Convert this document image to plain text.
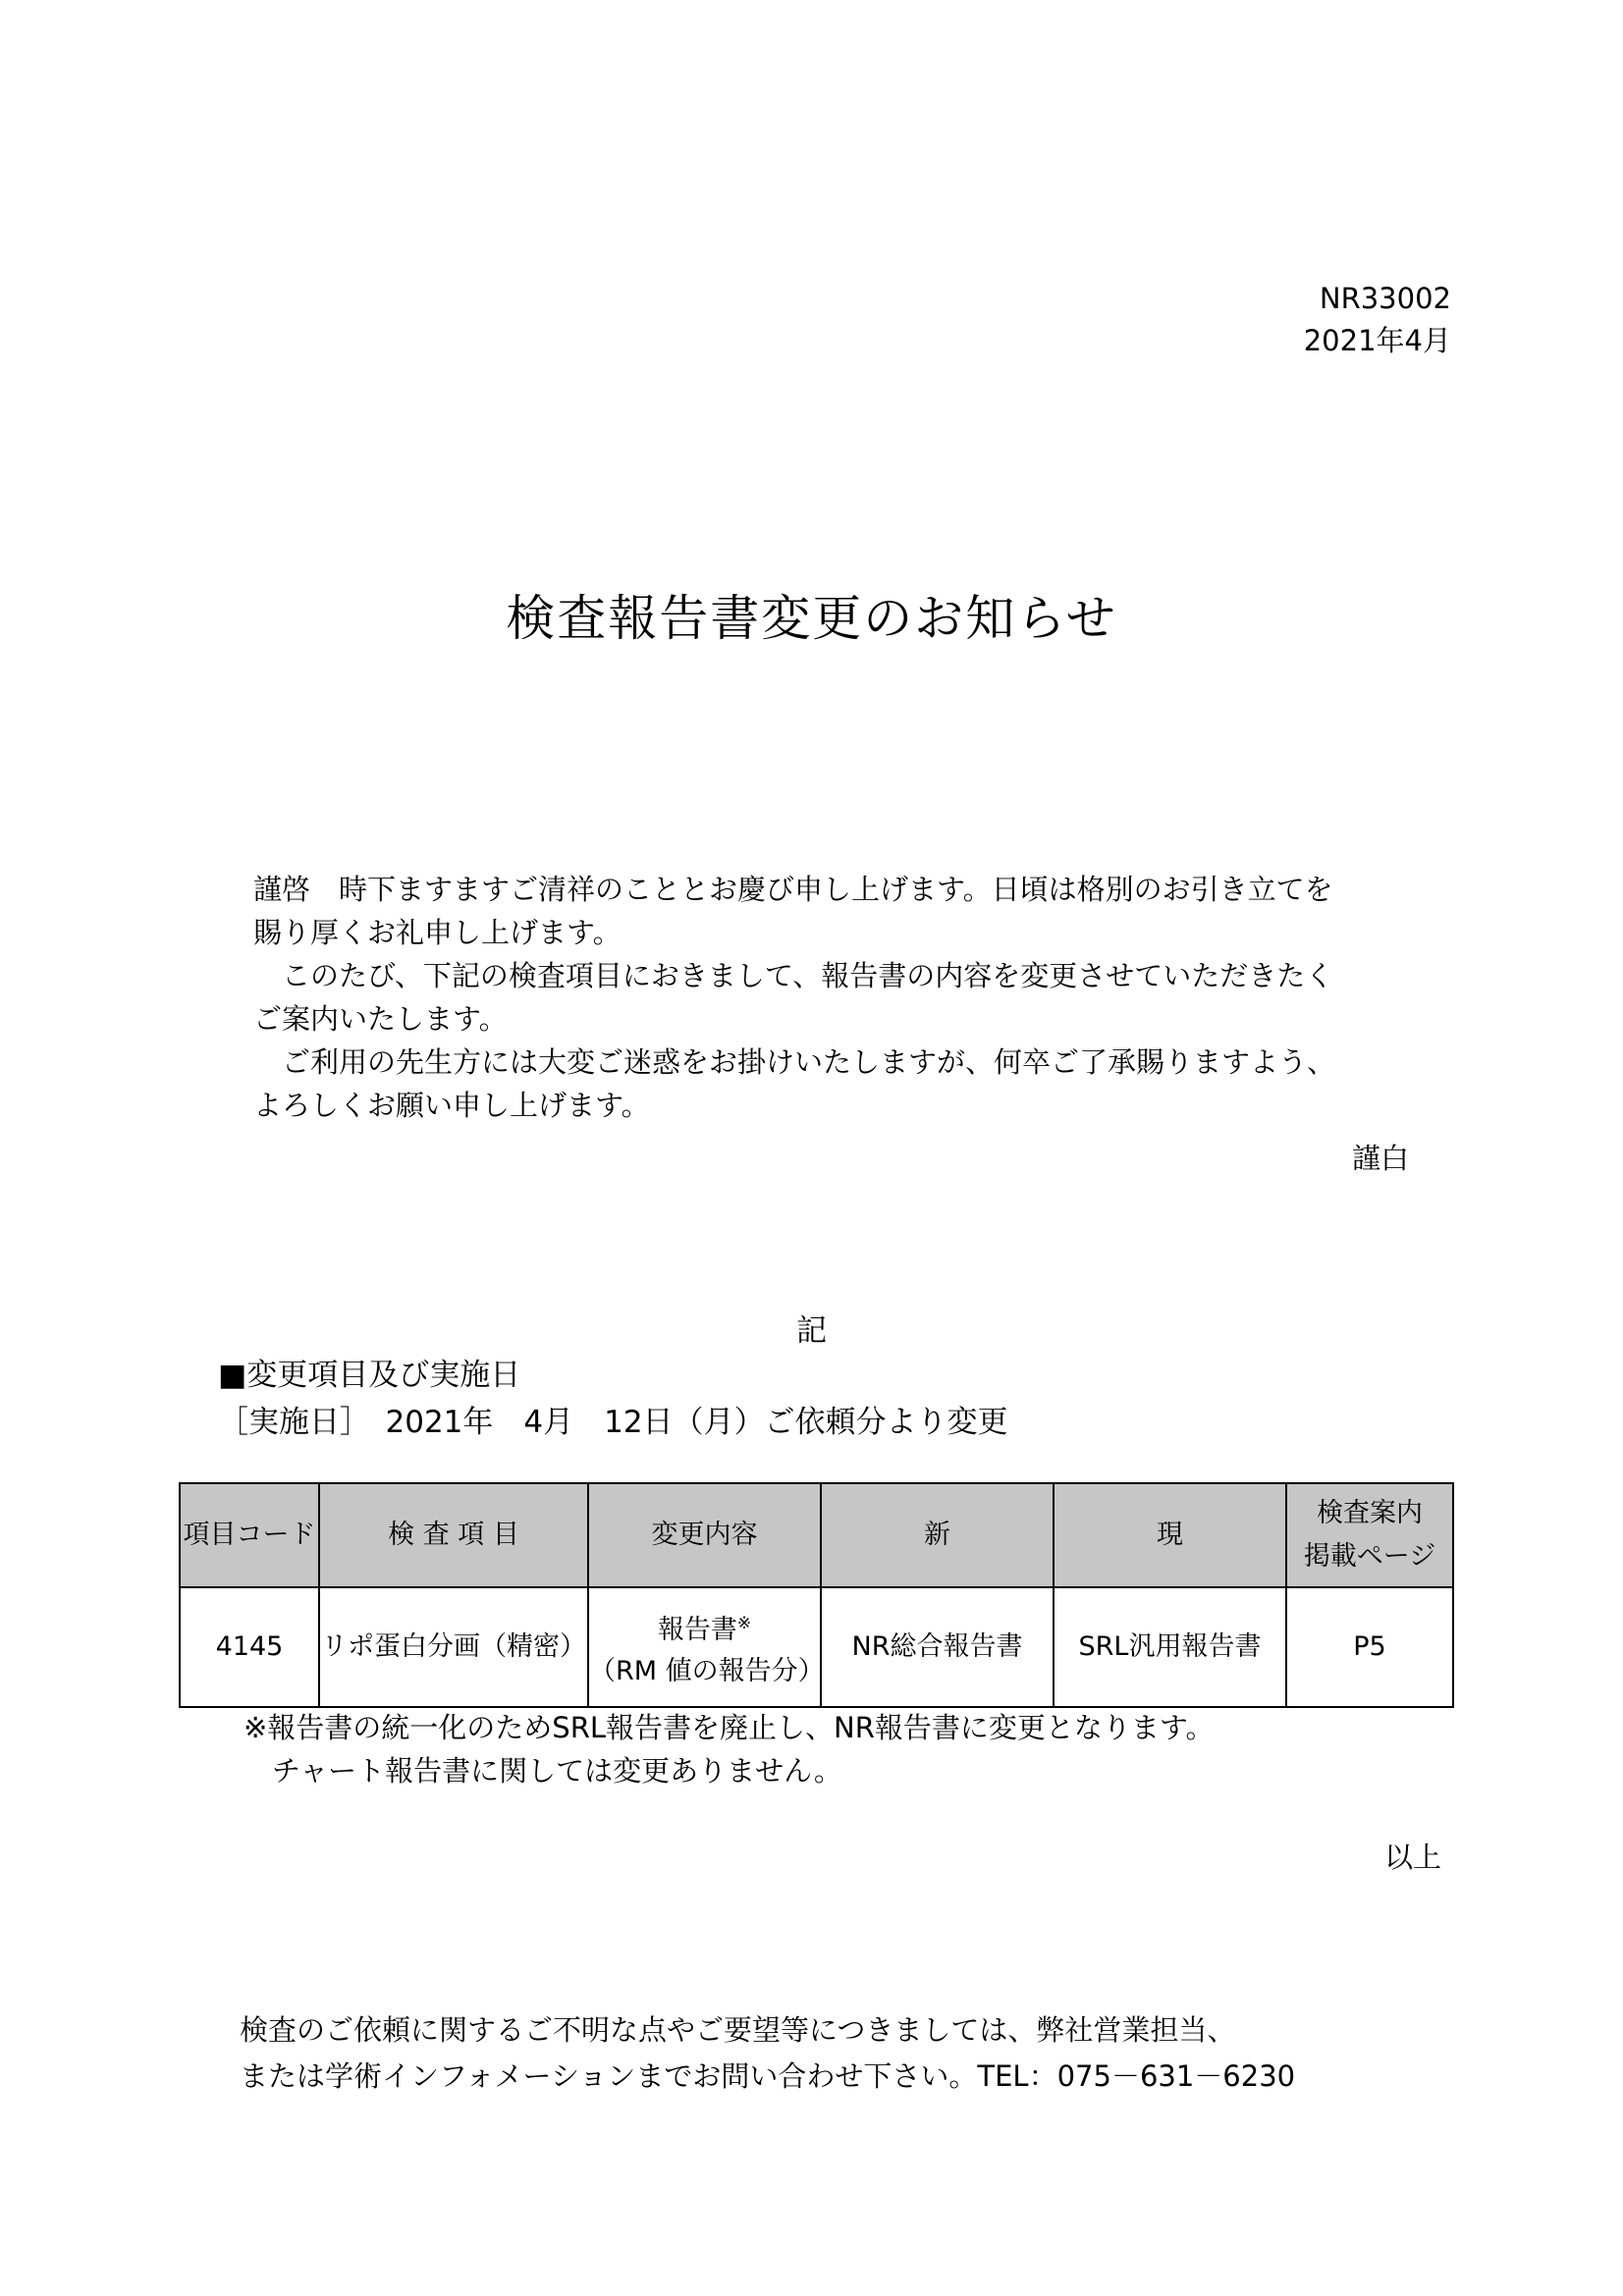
NR33002
2021年4月
検査報告書変更のお知らせ
謹啓　時下ますますご清祥のこととお慶び申し上げます。日頃は格別のお引き立てを
賜り厚くお礼申し上げます。
　このたび、下記の検査項目におきまして、報告書の内容を変更させていただきたく
ご案内いたします。
　ご利用の先生方には大変ご迷惑をお掛けいたしますが、何卒ご了承賜りますよう、
よろしくお願い申し上げます。
謹白
記
■変更項目及び実施日
［実施日］　2021年　4月　12日（月）ご依頼分より変更
項目コード	検 査 項 目	変更内容	新	現	検査案内
掲載ページ

4145	リポ蛋白分画（精密）	報告書※
（RM 値の報告分）	NR総合報告書	SRL汎用報告書	P5
※報告書の統一化のためSRL報告書を廃止し、NR報告書に変更となります。
　チャート報告書に関しては変更ありません。
以上
検査のご依頼に関するご不明な点やご要望等につきましては、弊社営業担当、
または学術インフォメーションまでお問い合わせ下さい。TEL：075－631－6230
